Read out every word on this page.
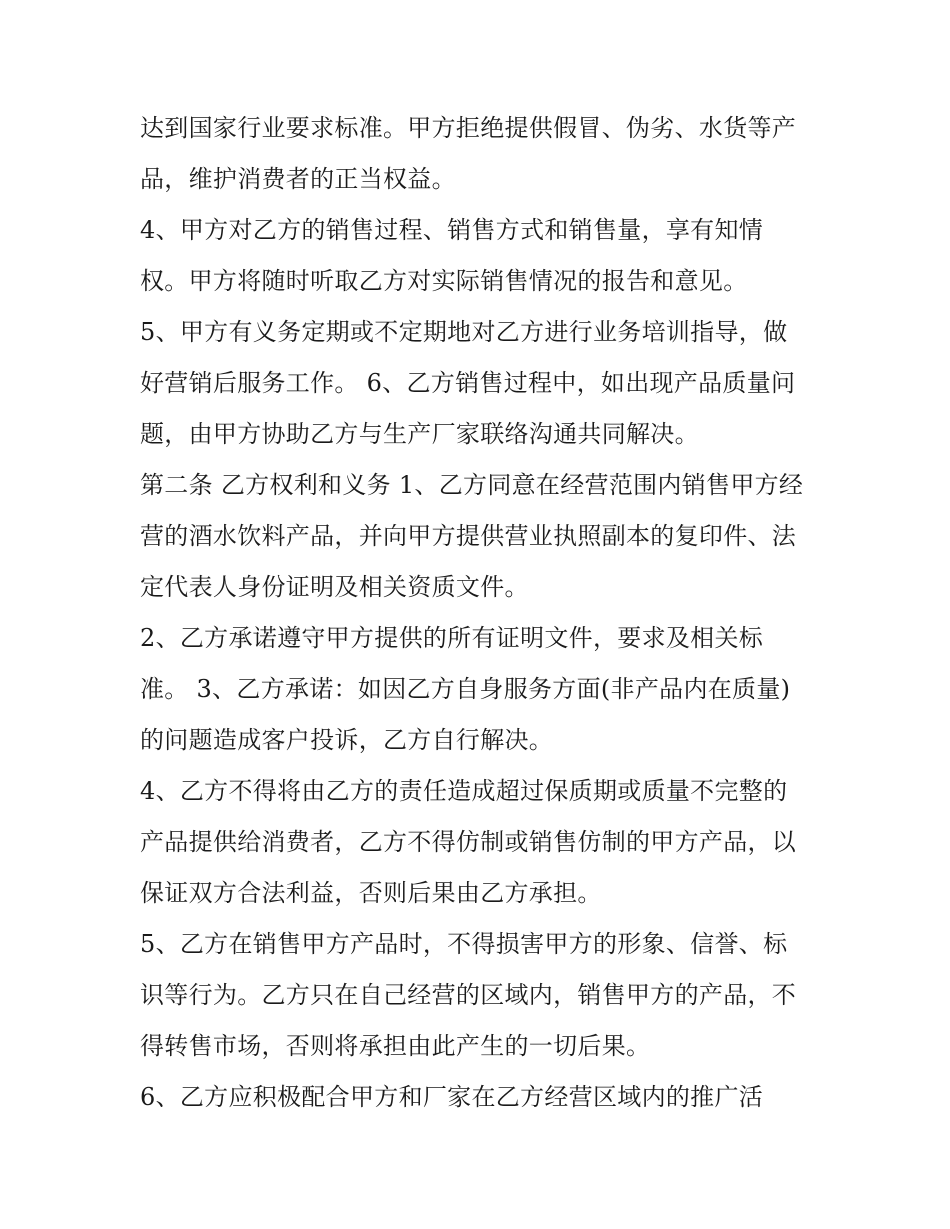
达到国家行业要求标准。甲方拒绝提供假冒、伪劣、水货等产
品，维护消费者的正当权益。
4、甲方对乙方的销售过程、销售方式和销售量，享有知情
权。甲方将随时听取乙方对实际销售情况的报告和意见。
5、甲方有义务定期或不定期地对乙方进行业务培训指导，做
好营销后服务工作。 6、乙方销售过程中，如出现产品质量问
题，由甲方协助乙方与生产厂家联络沟通共同解决。
第二条 乙方权利和义务 1、乙方同意在经营范围内销售甲方经
营的酒水饮料产品，并向甲方提供营业执照副本的复印件、法
定代表人身份证明及相关资质文件。
2、乙方承诺遵守甲方提供的所有证明文件，要求及相关标
准。 3、乙方承诺：如因乙方自身服务方面(非产品内在质量)
的问题造成客户投诉，乙方自行解决。
4、乙方不得将由乙方的责任造成超过保质期或质量不完整的
产品提供给消费者，乙方不得仿制或销售仿制的甲方产品，以
保证双方合法利益，否则后果由乙方承担。
5、乙方在销售甲方产品时，不得损害甲方的形象、信誉、标
识等行为。乙方只在自己经营的区域内，销售甲方的产品，不
得转售市场，否则将承担由此产生的一切后果。
6、乙方应积极配合甲方和厂家在乙方经营区域内的推广活
